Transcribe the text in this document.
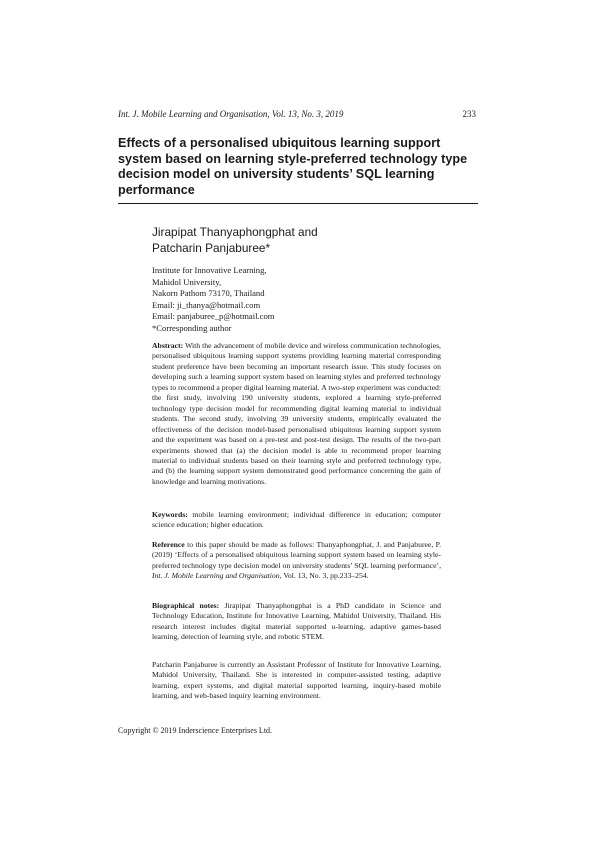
Int. J. Mobile Learning and Organisation, Vol. 13, No. 3, 2019	233
Effects of a personalised ubiquitous learning support system based on learning style-preferred technology type decision model on university students’ SQL learning performance
Jirapipat Thanyaphongphat and
Patcharin Panjaburee*
Institute for Innovative Learning,
Mahidol University,
Nakorn Pathom 73170, Thailand
Email: ji_thanya@hotmail.com
Email: panjaburee_p@hotmail.com
*Corresponding author

Abstract: With the advancement of mobile device and wireless communication technologies, personalised ubiquitous learning support systems providing learning material corresponding student preference have been becoming an important research issue. This study focuses on developing such a learning support system based on learning styles and preferred technology types to recommend a proper digital learning material. A two-step experiment was conducted: the first study, involving 190 university students, explored a learning style-preferred technology type decision model for recommending digital learning material to individual students. The second study, involving 39 university students, empirically evaluated the effectiveness of the decision model-based personalised ubiquitous learning support system and the experiment was based on a pre-test and post-test design. The results of the two-part experiments showed that (a) the decision model is able to recommend proper learning material to individual students based on their learning style and preferred technology type, and (b) the learning support system demonstrated good performance concerning the gain of knowledge and learning motivations.

Keywords: mobile learning environment; individual difference in education; computer science education; higher education.

Reference to this paper should be made as follows: Thanyaphongphat, J. and Panjaburee, P. (2019) ‘Effects of a personalised ubiquitous learning support system based on learning style-preferred technology type decision model on university students’ SQL learning performance’, Int. J. Mobile Learning and Organisation, Vol. 13, No. 3, pp.233–254.

Biographical notes: Jirapipat Thanyaphongphat is a PhD candidate in Science and Technology Education, Institute for Innovative Learning, Mahidol University, Thailand. His research interest includes digital material supported u-learning, adaptive games-based learning, detection of learning style, and robotic STEM.

Patcharin Panjaburee is currently an Assistant Professor of Institute for Innovative Learning, Mahidol University, Thailand. She is interested in computer-assisted testing, adaptive learning, expert systems, and digital material supported learning, inquiry-based mobile learning, and web-based inquiry learning environment.

Copyright © 2019 Inderscience Enterprises Ltd.
